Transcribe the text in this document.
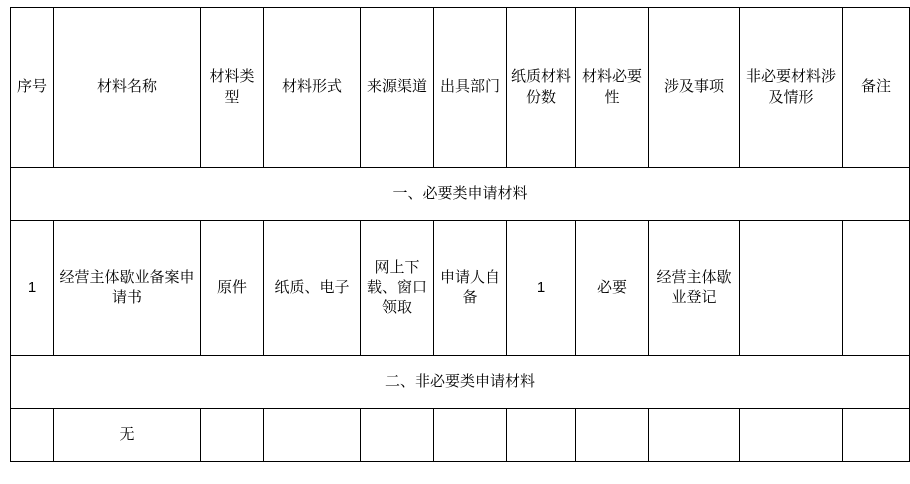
序号	材料名称	材料类型	材料形式	来源渠道	出具部门	纸质材料份数	材料必要性	涉及事项	非必要材料涉及情形	备注
一、必要类申请材料										
1	经营主体歇业备案申请书	原件	纸质、电子	网上下载、窗口领取	申请人自备	1	必要	经营主体歇业登记		
二、非必要类申请材料										
	无									
